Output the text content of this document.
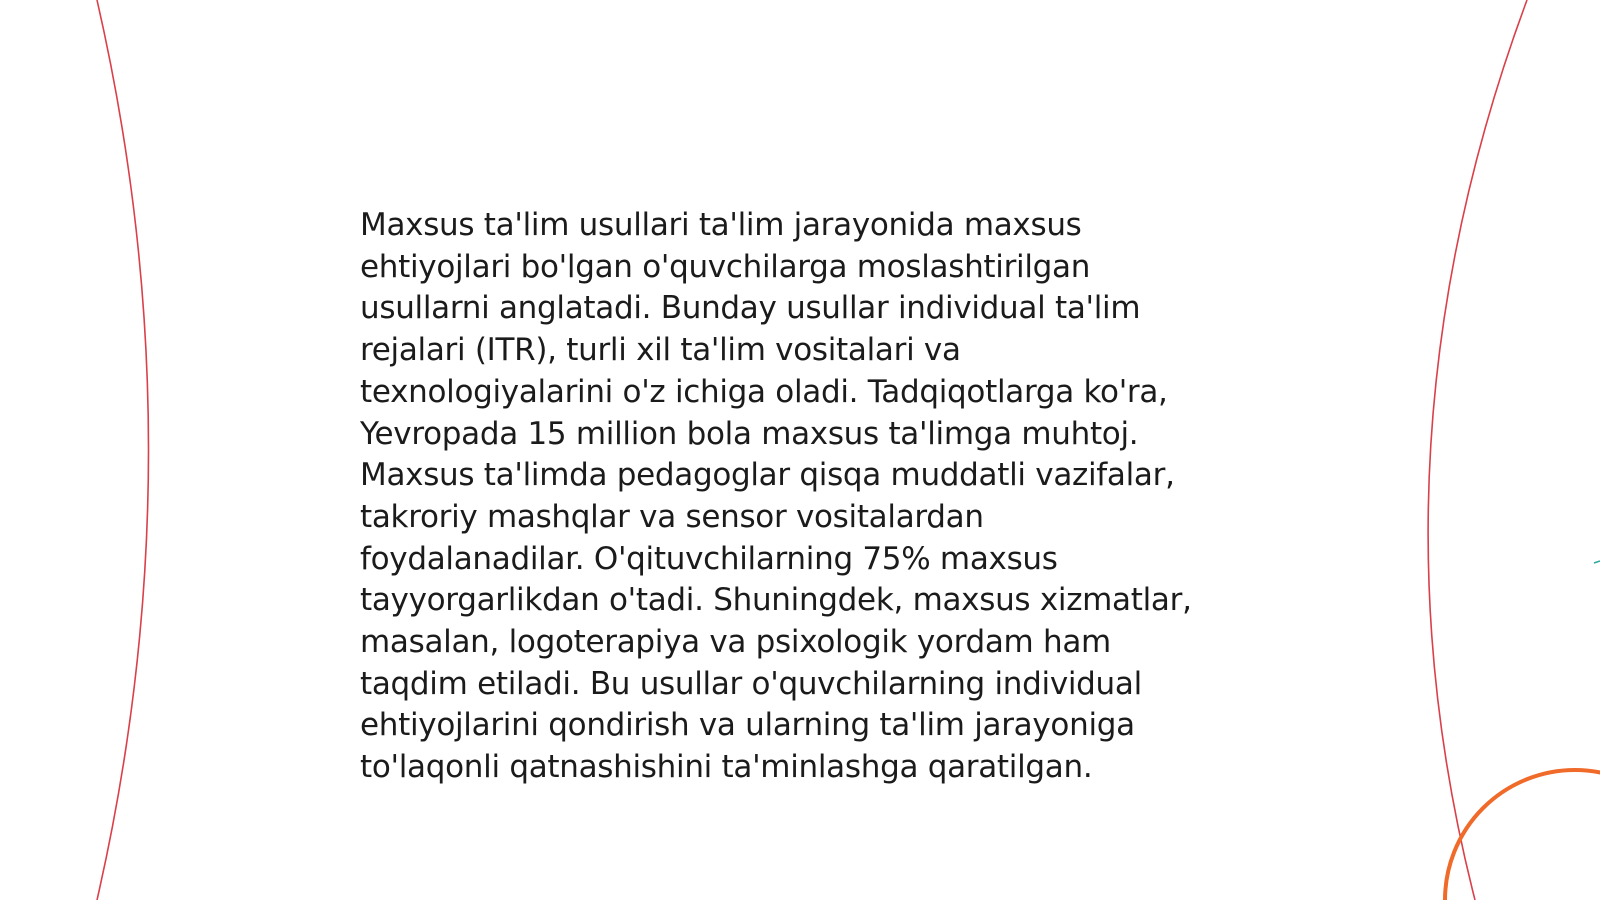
Maxsus ta'lim usullari ta'lim jarayonida maxsus
ehtiyojlari bo'lgan o'quvchilarga moslashtirilgan
usullarni anglatadi. Bunday usullar individual ta'lim
rejalari (ITR), turli xil ta'lim vositalari va
texnologiyalarini o'z ichiga oladi. Tadqiqotlarga ko'ra,
Yevropada 15 million bola maxsus ta'limga muhtoj.
Maxsus ta'limda pedagoglar qisqa muddatli vazifalar,
takroriy mashqlar va sensor vositalardan
foydalanadilar. O'qituvchilarning 75% maxsus
tayyorgarlikdan o'tadi. Shuningdek, maxsus xizmatlar,
masalan, logoterapiya va psixologik yordam ham
taqdim etiladi. Bu usullar o'quvchilarning individual
ehtiyojlarini qondirish va ularning ta'lim jarayoniga
to'laqonli qatnashishini ta'minlashga qaratilgan.
